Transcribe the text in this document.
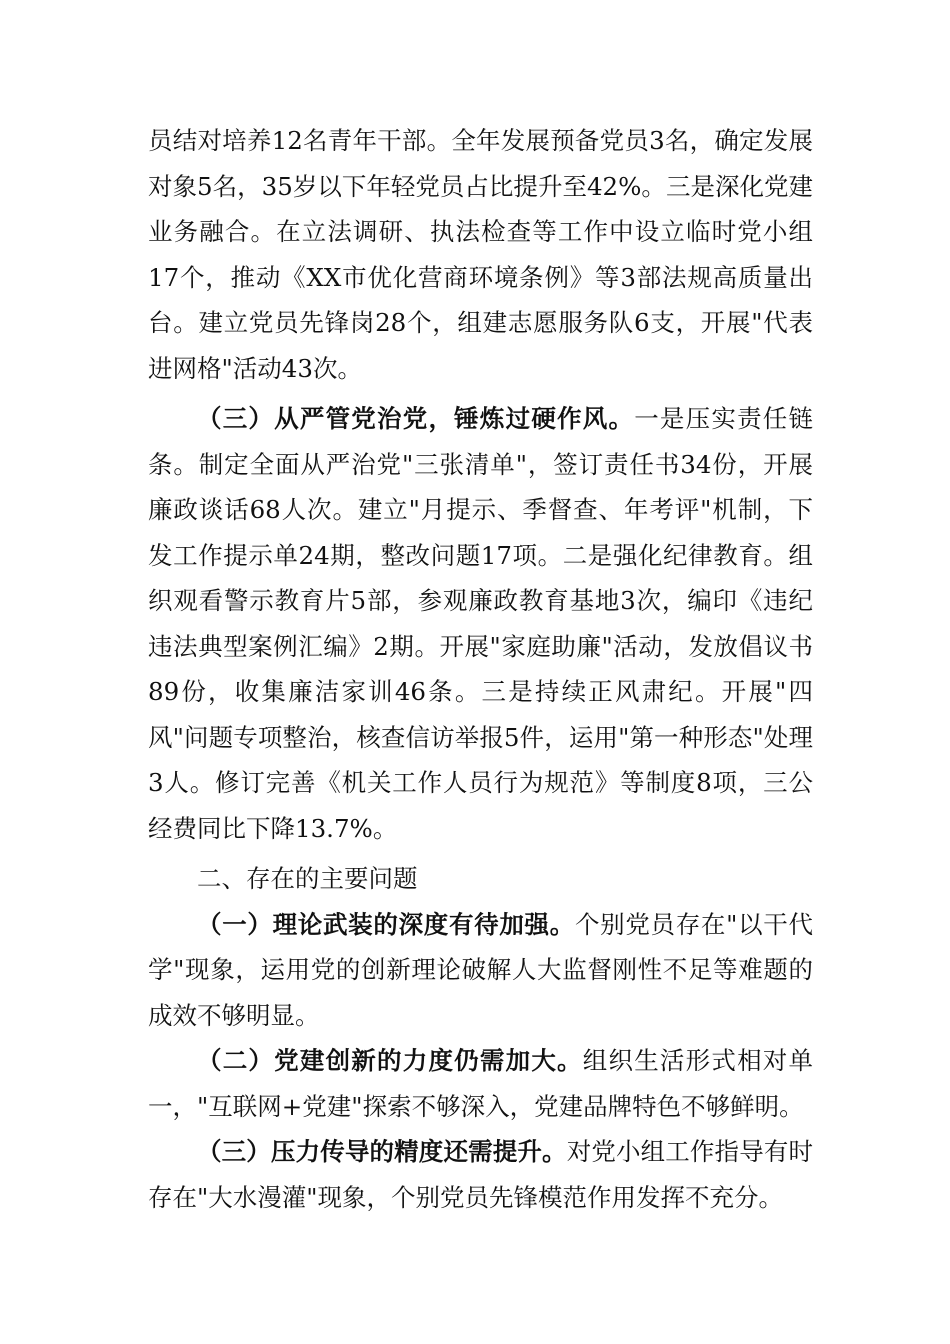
员结对培养12名青年干部。全年发展预备党员3名，确定发展对象5名，35岁以下年轻党员占比提升至42%。三是深化党建业务融合。在立法调研、执法检查等工作中设立临时党小组17个，推动《XX市优化营商环境条例》等3部法规高质量出台。建立党员先锋岗28个，组建志愿服务队6支，开展"代表进网格"活动43次。

（三）从严管党治党，锤炼过硬作风。一是压实责任链条。制定全面从严治党"三张清单"，签订责任书34份，开展廉政谈话68人次。建立"月提示、季督查、年考评"机制，下发工作提示单24期，整改问题17项。二是强化纪律教育。组织观看警示教育片5部，参观廉政教育基地3次，编印《违纪违法典型案例汇编》2期。开展"家庭助廉"活动，发放倡议书89份，收集廉洁家训46条。三是持续正风肃纪。开展"四风"问题专项整治，核查信访举报5件，运用"第一种形态"处理3人。修订完善《机关工作人员行为规范》等制度8项，三公经费同比下降13.7%。

二、存在的主要问题

（一）理论武装的深度有待加强。个别党员存在"以干代学"现象，运用党的创新理论破解人大监督刚性不足等难题的成效不够明显。

（二）党建创新的力度仍需加大。组织生活形式相对单一，"互联网+党建"探索不够深入，党建品牌特色不够鲜明。

（三）压力传导的精度还需提升。对党小组工作指导有时存在"大水漫灌"现象，个别党员先锋模范作用发挥不充分。
